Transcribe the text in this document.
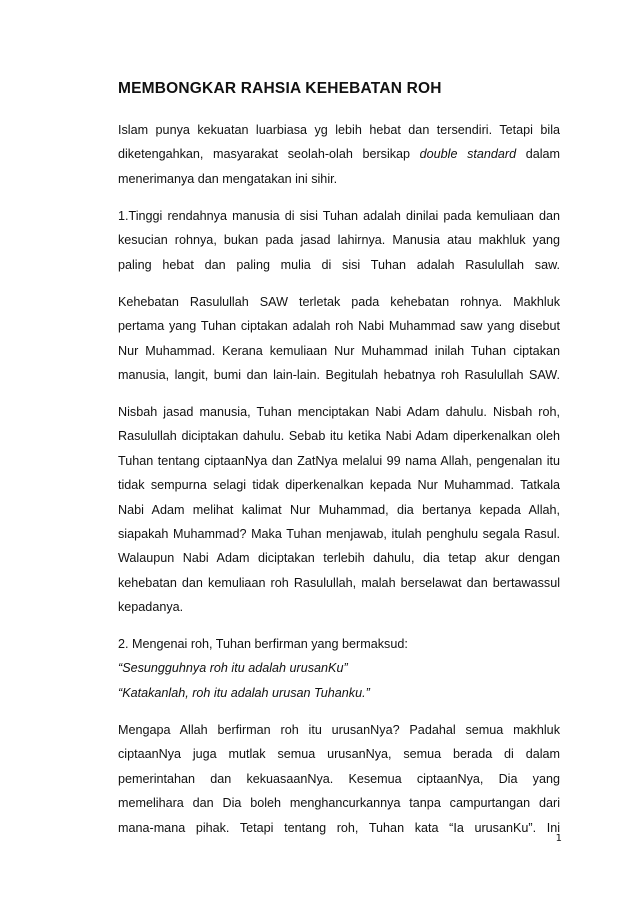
MEMBONGKAR RAHSIA KEHEBATAN ROH
Islam punya kekuatan luarbiasa yg lebih hebat dan tersendiri. Tetapi bila
diketengahkan, masyarakat seolah-olah bersikap double standard dalam
menerimanya dan mengatakan ini sihir.
1.Tinggi rendahnya manusia di sisi Tuhan adalah dinilai pada kemuliaan dan
kesucian rohnya, bukan pada jasad lahirnya. Manusia atau makhluk yang
paling hebat dan paling mulia di sisi Tuhan adalah Rasulullah saw.
Kehebatan Rasulullah SAW terletak pada kehebatan rohnya. Makhluk
pertama yang Tuhan ciptakan adalah roh Nabi Muhammad saw yang disebut
Nur Muhammad. Kerana kemuliaan Nur Muhammad inilah Tuhan ciptakan
manusia, langit, bumi dan lain-lain. Begitulah hebatnya roh Rasulullah SAW.
Nisbah jasad manusia, Tuhan menciptakan Nabi Adam dahulu. Nisbah roh,
Rasulullah diciptakan dahulu. Sebab itu ketika Nabi Adam diperkenalkan oleh
Tuhan tentang ciptaanNya dan ZatNya melalui 99 nama Allah, pengenalan itu
tidak sempurna selagi tidak diperkenalkan kepada Nur Muhammad. Tatkala
Nabi Adam melihat kalimat Nur Muhammad, dia bertanya kepada Allah,
siapakah Muhammad? Maka Tuhan menjawab, itulah penghulu segala Rasul.
Walaupun Nabi Adam diciptakan terlebih dahulu, dia tetap akur dengan
kehebatan dan kemuliaan roh Rasulullah, malah berselawat dan bertawassul
kepadanya.
2. Mengenai roh, Tuhan berfirman yang bermaksud:
“Sesungguhnya roh itu adalah urusanKu”
“Katakanlah, roh itu adalah urusan Tuhanku.”
Mengapa Allah berfirman roh itu urusanNya? Padahal semua makhluk
ciptaanNya juga mutlak semua urusanNya, semua berada di dalam
pemerintahan dan kekuasaanNya. Kesemua ciptaanNya, Dia yang
memelihara dan Dia boleh menghancurkannya tanpa campurtangan dari
mana-mana pihak. Tetapi tentang roh, Tuhan kata “Ia urusanKu”. Ini
1
